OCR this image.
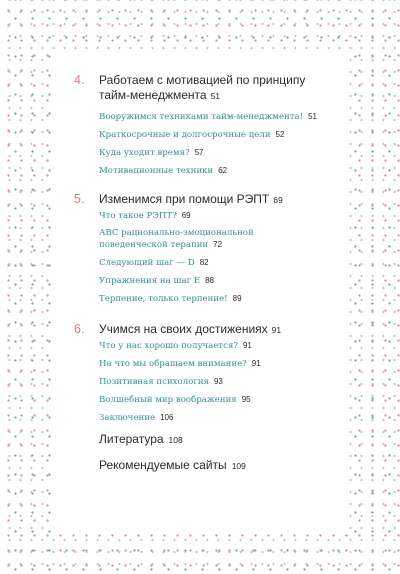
4. Работаем с мотивацией по принципу тайм-менеджмента 51
Вооружимся техниками тайм-менеджмента! 51
Краткосрочные и долгосрочные цели 52
Куда уходит время? 57
Мотивационные техники 62
5. Изменимся при помощи РЭПТ 69
Что такое РЭПТ? 69
АВС рационально-эмоциональной поведенческой терапии 72
Следующий шаг — D 82
Упражнения на шаг Е 88
Терпение, только терпение! 89
6. Учимся на своих достижениях 91
Что у нас хорошо получается? 91
На что мы обращаем внимание? 91
Позитивная психология 93
Волшебный мир воображения 95
Заключение 106
Литература 108
Рекомендуемые сайты 109
